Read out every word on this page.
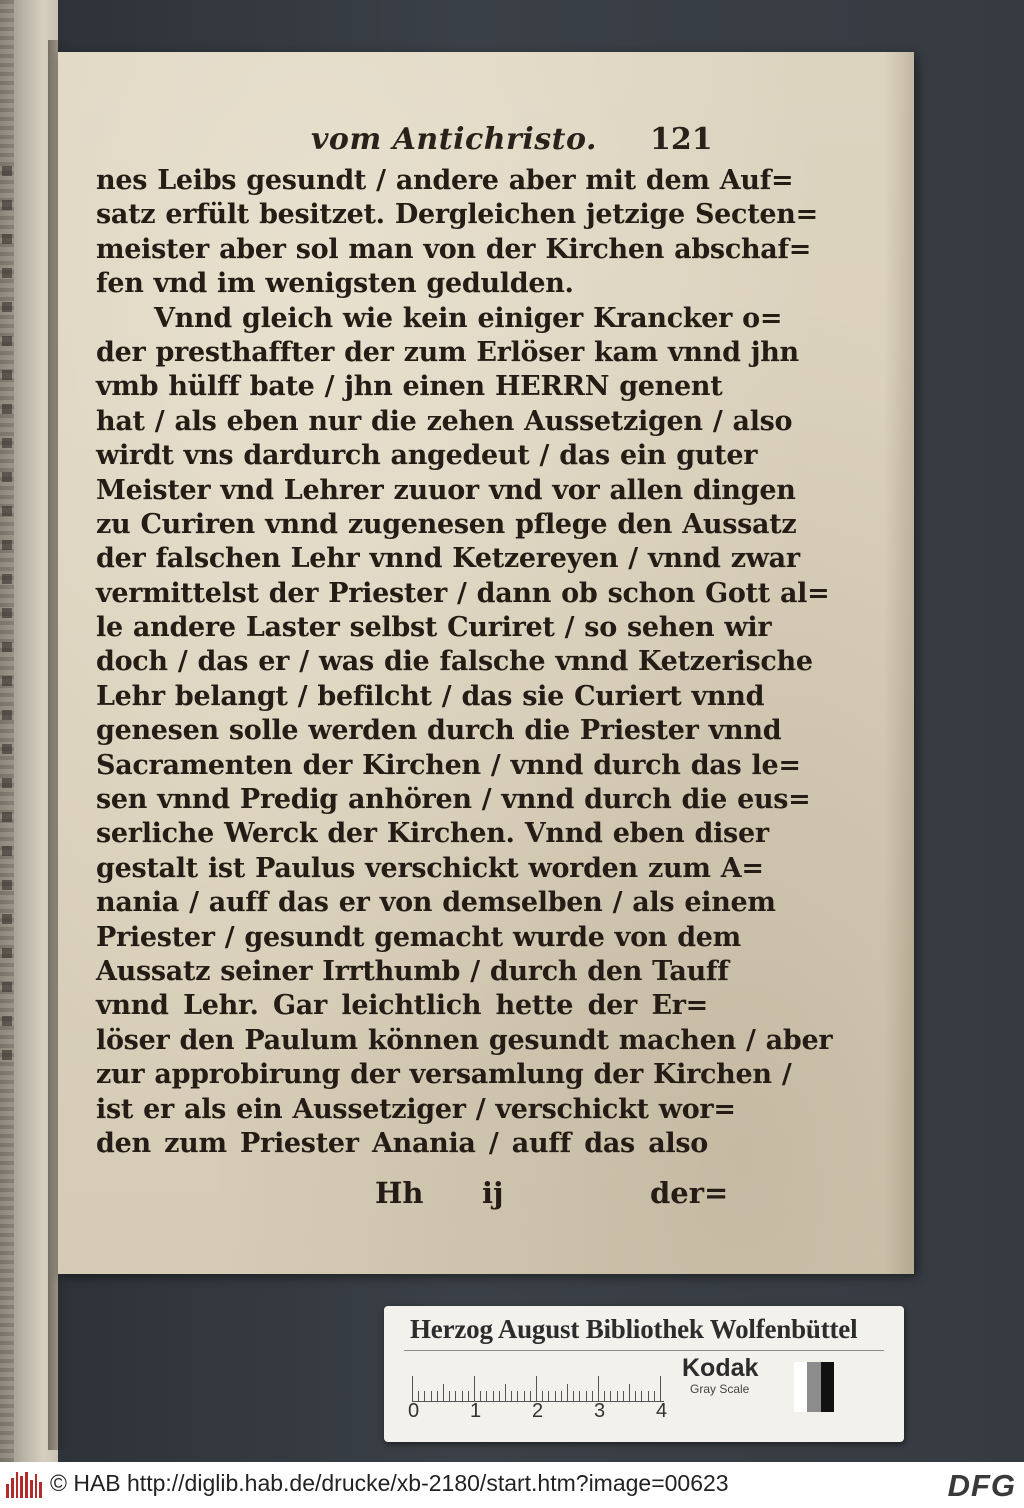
vom Antichristo. 121
nes Leibs gesundt / andere aber mit dem Auf=
satz erfült besitzet. Dergleichen jetzige Secten=
meister aber sol man von der Kirchen abschaf=
fen vnd im wenigsten gedulden.
Vnnd gleich wie kein einiger Krancker o=
der presthaffter der zum Erlöser kam vnnd jhn
vmb hülff bate / jhn einen HERRN genent
hat / als eben nur die zehen Aussetzigen / also
wirdt vns dardurch angedeut / das ein guter
Meister vnd Lehrer zuuor vnd vor allen dingen
zu Curiren vnnd zugenesen pflege den Aussatz
der falschen Lehr vnnd Ketzereyen / vnnd zwar
vermittelst der Priester / dann ob schon Gott al=
le andere Laster selbst Curiret / so sehen wir
doch / das er / was die falsche vnnd Ketzerische
Lehr belangt / befilcht / das sie Curiert vnnd
genesen solle werden durch die Priester vnnd
Sacramenten der Kirchen / vnnd durch das le=
sen vnnd Predig anhören / vnnd durch die eus=
serliche Werck der Kirchen. Vnnd eben diser
gestalt ist Paulus verschickt worden zum A=
nania / auff das er von demselben / als einem
Priester / gesundt gemacht wurde von dem
Aussatz seiner Irrthumb / durch den Tauff
vnnd Lehr. Gar leichtlich hette der Er=
löser den Paulum können gesundt machen / aber
zur approbirung der versamlung der Kirchen /
ist er als ein Aussetziger / verschickt wor=
den zum Priester Anania / auff das also
Hh ij	der=
Herzog August Bibliothek Wolfenbüttel
0	1	2	3	4
Kodak
Gray Scale
© HAB http://diglib.hab.de/drucke/xb-2180/start.htm?image=00623	DFG
